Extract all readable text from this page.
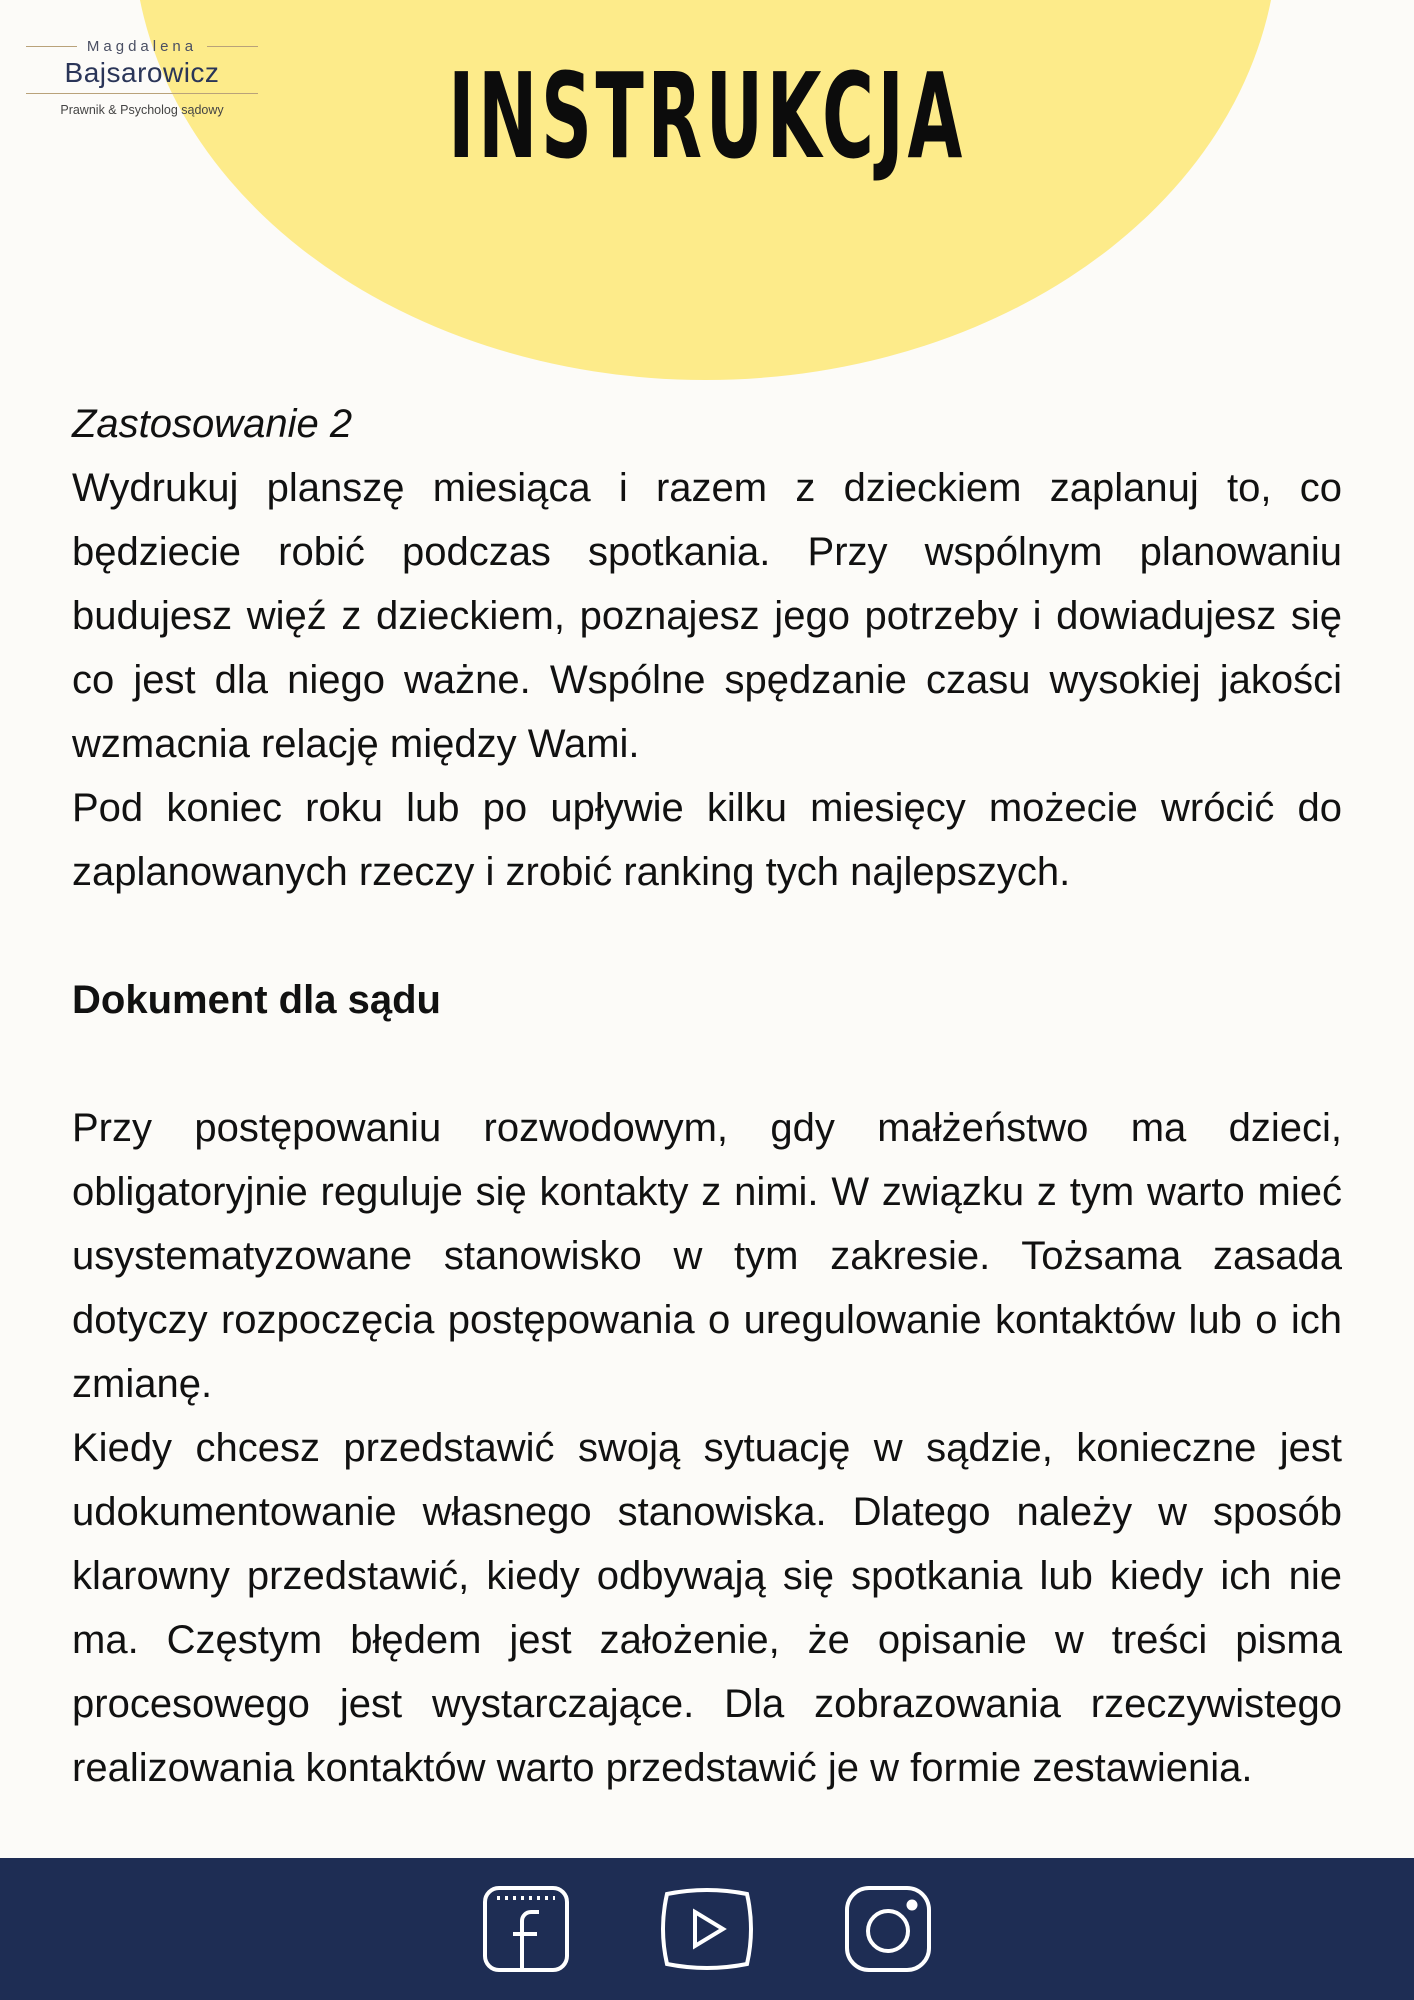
Magdalena
Bajsarowicz
Prawnik & Psycholog sądowy	INSTRUKCJA

Zastosowanie 2

Wydrukuj planszę miesiąca i razem z dzieckiem zaplanuj to, co będziecie robić podczas spotkania. Przy wspólnym planowaniu budujesz więź z dzieckiem, poznajesz jego potrzeby i dowiadujesz się co jest dla niego ważne. Wspólne spędzanie czasu wysokiej jakości wzmacnia relację między Wami.

Pod koniec roku lub po upływie kilku miesięcy możecie wrócić do zaplanowanych rzeczy i zrobić ranking tych najlepszych.

Dokument dla sądu

Przy postępowaniu rozwodowym, gdy małżeństwo ma dzieci, obligatoryjnie reguluje się kontakty z nimi. W związku z tym warto mieć usystematyzowane stanowisko w tym zakresie. Tożsama zasada dotyczy rozpoczęcia postępowania o uregulowanie kontaktów lub o ich zmianę.

Kiedy chcesz przedstawić swoją sytuację w sądzie, konieczne jest udokumentowanie własnego stanowiska. Dlatego należy w sposób klarowny przedstawić, kiedy odbywają się spotkania lub kiedy ich nie ma. Częstym błędem jest założenie, że opisanie w treści pisma procesowego jest wystarczające. Dla zobrazowania rzeczywistego realizowania kontaktów warto przedstawić je w formie zestawienia.
